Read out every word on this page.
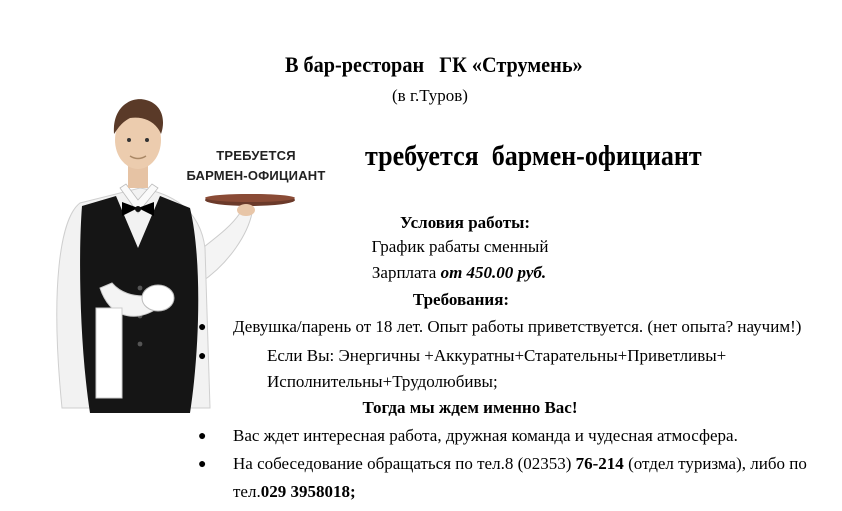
ТРЕБУЕТСЯ
БАРМЕН-ОФИЦИАНТ
В бар-ресторан   ГК «Струмень»
(в г.Туров)
требуется  бармен-официант
Условия работы:
График рабаты сменный
Зарплата от 450.00 руб.
Требования:
● Девушка/парень от 18 лет. Опыт работы приветствуется. (нет опыта? научим!)
●	Если Вы: Энергичны +Аккуратны+Старательны+Приветливы+
Исполнительны+Трудолюбивы;
Тогда мы ждем именно Вас!
● Вас ждет интересная работа, дружная команда и чудесная атмосфера.
● На собеседование обращаться по тел.8 (02353) 76-214 (отдел туризма), либо по
тел.029 3958018;
